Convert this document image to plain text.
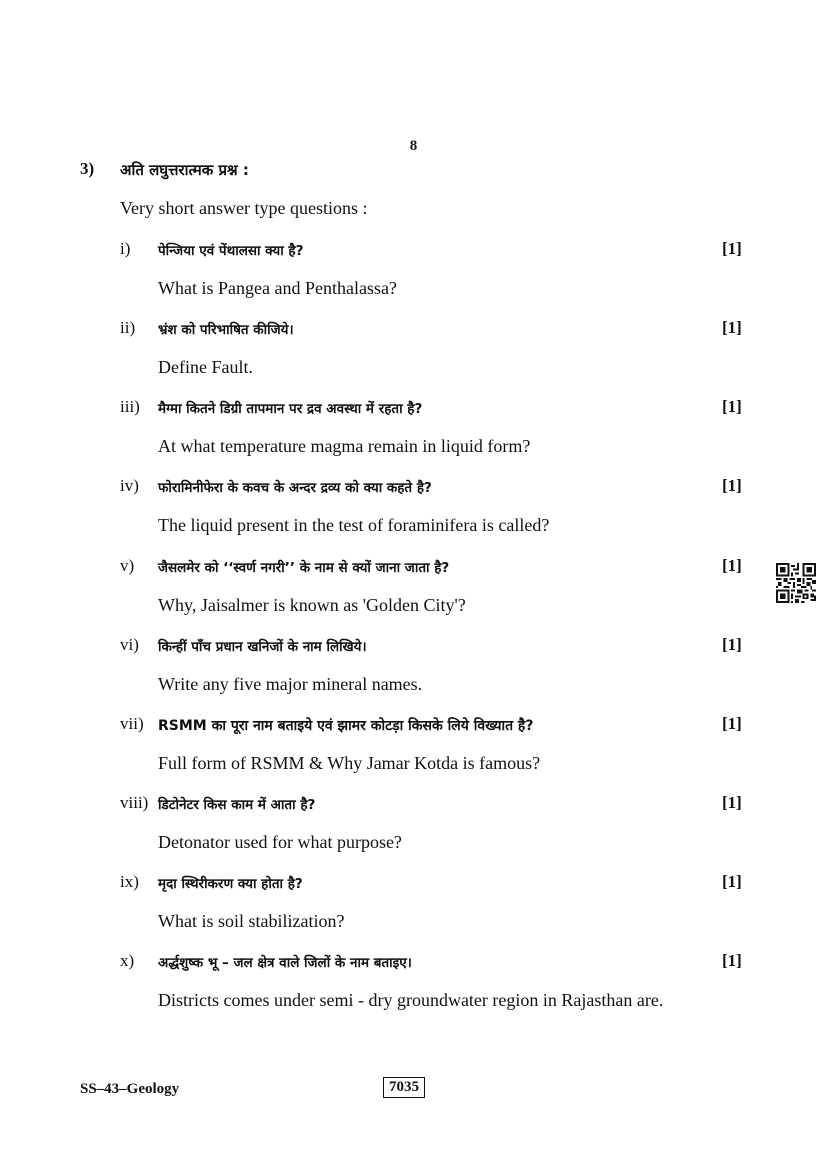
8
3) अति लघुत्तरात्मक प्रश्न :
Very short answer type questions :
i) पेन्जिया एवं पेंथालसा क्या है?	[1]
What is Pangea and Penthalassa?
ii) भ्रंश को परिभाषित कीजिये।	[1]
Define Fault.
iii) मैग्मा कितने डिग्री तापमान पर द्रव अवस्था में रहता है?	[1]
At what temperature magma remain in liquid form?
iv) फोरामिनीफेरा के कवच के अन्दर द्रव्य को क्या कहते है?	[1]
The liquid present in the test of foraminifera is called?
v) जैसलमेर को ‘‘स्वर्ण नगरी’’ के नाम से क्यों जाना जाता है?	[1]
Why, Jaisalmer is known as 'Golden City'?
vi) किन्हीं पाँच प्रधान खनिजों के नाम लिखिये।	[1]
Write any five major mineral names.
vii) RSMM का पूरा नाम बताइये एवं झामर कोटड़ा किसके लिये विख्यात है?	[1]
Full form of RSMM & Why Jamar Kotda is famous?
viii) डिटोनेटर किस काम में आता है?	[1]
Detonator used for what purpose?
ix) मृदा स्थिरीकरण क्या होता है?	[1]
What is soil stabilization?
x) अर्द्धशुष्क भू – जल क्षेत्र वाले जिलों के नाम बताइए।	[1]
Districts comes under semi - dry groundwater region in Rajasthan are.
SS–43–Geology	7035
